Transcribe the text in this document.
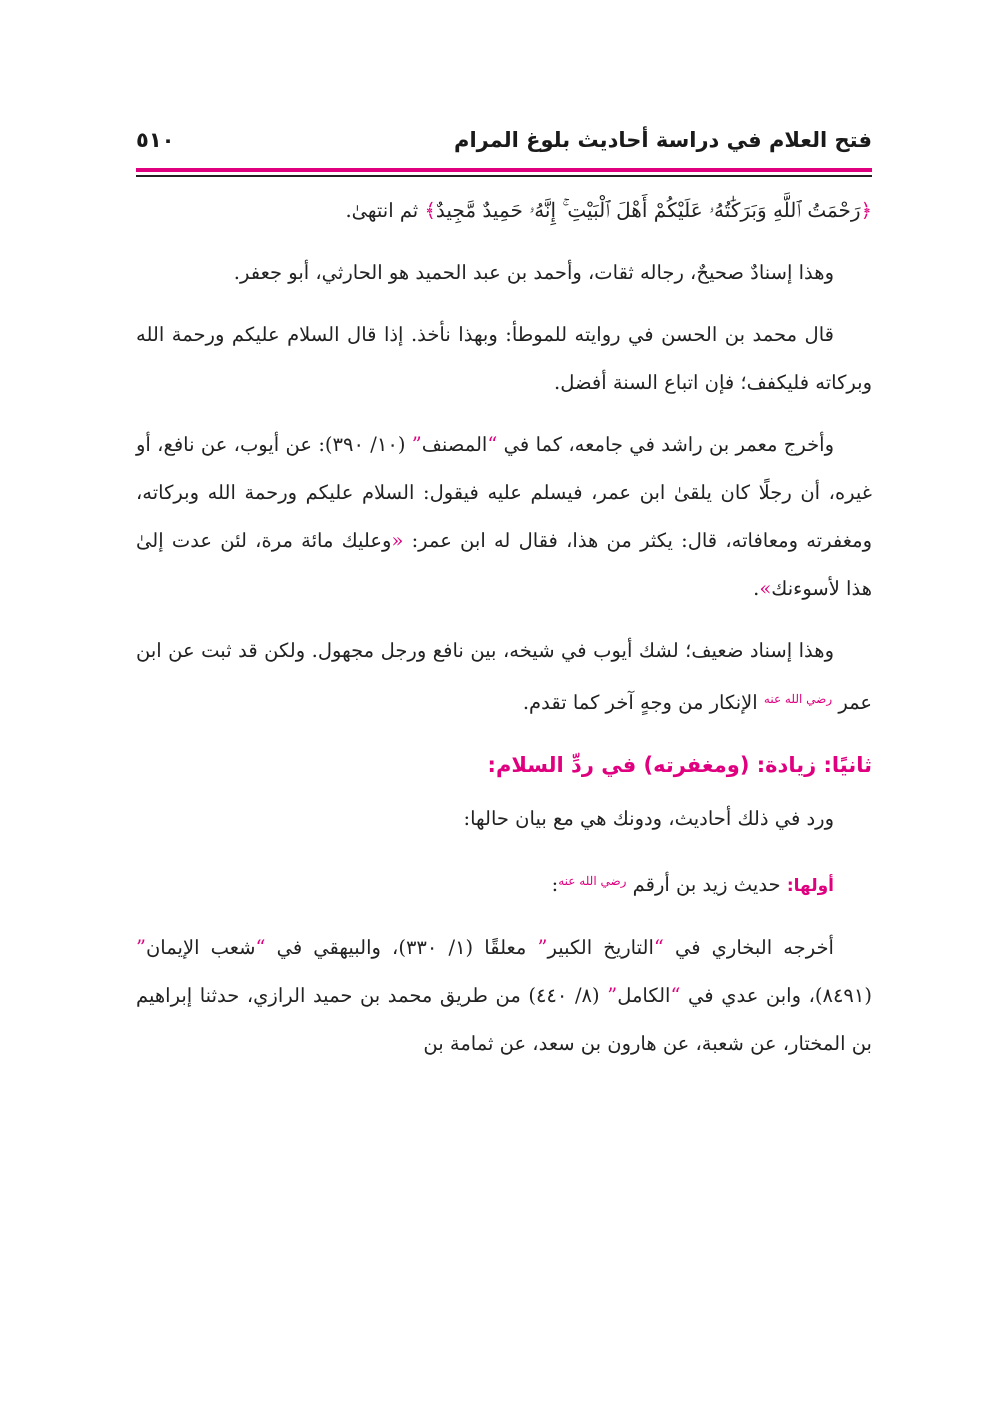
فتح العلام في دراسة أحاديث بلوغ المرام
٥١٠

﴿رَحْمَتُ ٱللَّهِ وَبَرَكَٰتُهُۥ عَلَيْكُمْ أَهْلَ ٱلْبَيْتِ ۚ إِنَّهُۥ حَمِيدٌ مَّجِيدٌ﴾ ثم انتهىٰ.

وهذا إسنادٌ صحيحٌ، رجاله ثقات، وأحمد بن عبد الحميد هو الحارثي، أبو جعفر.

قال محمد بن الحسن في روايته للموطأ: وبهذا نأخذ. إذا قال السلام عليكم ورحمة الله وبركاته فليكفف؛ فإن اتباع السنة أفضل.

وأخرج معمر بن راشد في جامعه، كما في “المصنف” (١٠/ ٣٩٠): عن أيوب، عن نافع، أو غيره، أن رجلًا كان يلقىٰ ابن عمر، فيسلم عليه فيقول: السلام عليكم ورحمة الله وبركاته، ومغفرته ومعافاته، قال: يكثر من هذا، فقال له ابن عمر: «وعليك مائة مرة، لئن عدت إلىٰ هذا لأسوءنك».

وهذا إسناد ضعيف؛ لشك أيوب في شيخه، بين نافع ورجل مجهول. ولكن قد ثبت عن ابن عمر $^{رضي الله عنه}$ الإنكار من وجهٍ آخر كما تقدم.

ثانيًا: زيادة: (ومغفرته) في ردِّ السلام:

ورد في ذلك أحاديث، ودونك هي مع بيان حالها:

أولها: حديث زيد بن أرقم $^{رضي الله عنه}$:

أخرجه البخاري في “التاريخ الكبير” معلقًا (١/ ٣٣٠)، والبيهقي في “شعب الإيمان” (٨٤٩١)، وابن عدي في “الكامل” (٨/ ٤٤٠) من طريق محمد بن حميد الرازي، حدثنا إبراهيم بن المختار، عن شعبة، عن هارون بن سعد، عن ثمامة بن
